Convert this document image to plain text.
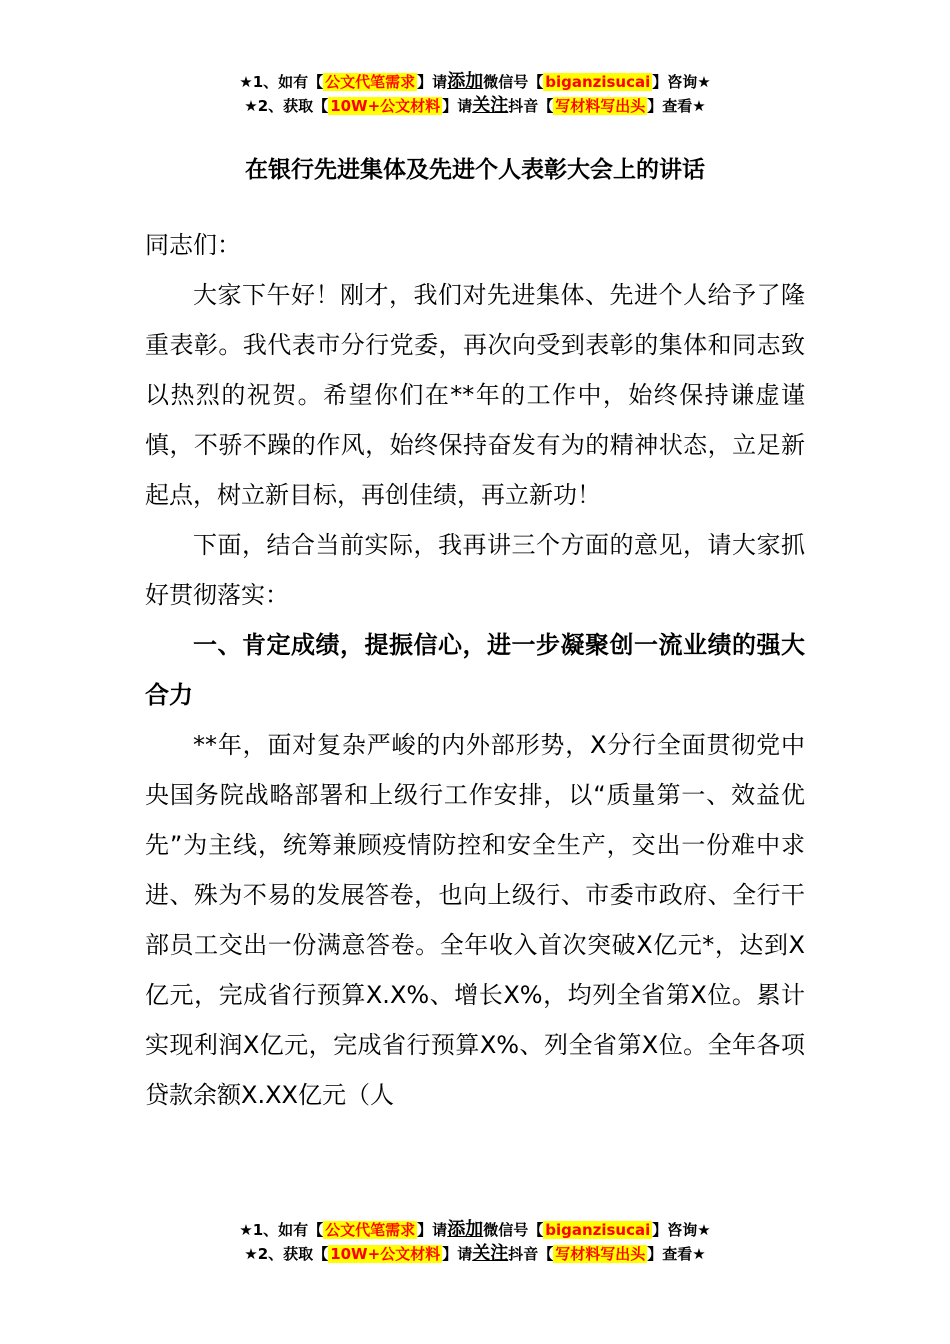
★1、如有【 公文代笔需求 】请添加微信号【 biganzisucai 】咨询★
★2、获取【 10W+公文材料 】请关注抖音【 写材料写出头 】查看★
在银行先进集体及先进个人表彰大会上的讲话

同志们：

大家下午好！刚才，我们对先进集体、先进个人给予了隆重表彰。我代表市分行党委，再次向受到表彰的集体和同志致以热烈的祝贺。希望你们在**年的工作中，始终保持谦虚谨慎，不骄不躁的作风，始终保持奋发有为的精神状态，立足新起点，树立新目标，再创佳绩，再立新功！

下面，结合当前实际，我再讲三个方面的意见，请大家抓好贯彻落实：

一、肯定成绩，提振信心，进一步凝聚创一流业绩的强大合力

**年，面对复杂严峻的内外部形势，X分行全面贯彻党中央国务院战略部署和上级行工作安排，以“质量第一、效益优先”为主线，统筹兼顾疫情防控和安全生产，交出一份难中求进、殊为不易的发展答卷，也向上级行、市委市政府、全行干部员工交出一份满意答卷。全年收入首次突破X亿元*，达到X亿元，完成省行预算X.X%、增长X%，均列全省第X位。累计实现利润X亿元，完成省行预算X%、列全省第X位。全年各项贷款余额X.XX亿元（人

★1、如有【 公文代笔需求 】请添加微信号【 biganzisucai 】咨询★
★2、获取【 10W+公文材料 】请关注抖音【 写材料写出头 】查看★
